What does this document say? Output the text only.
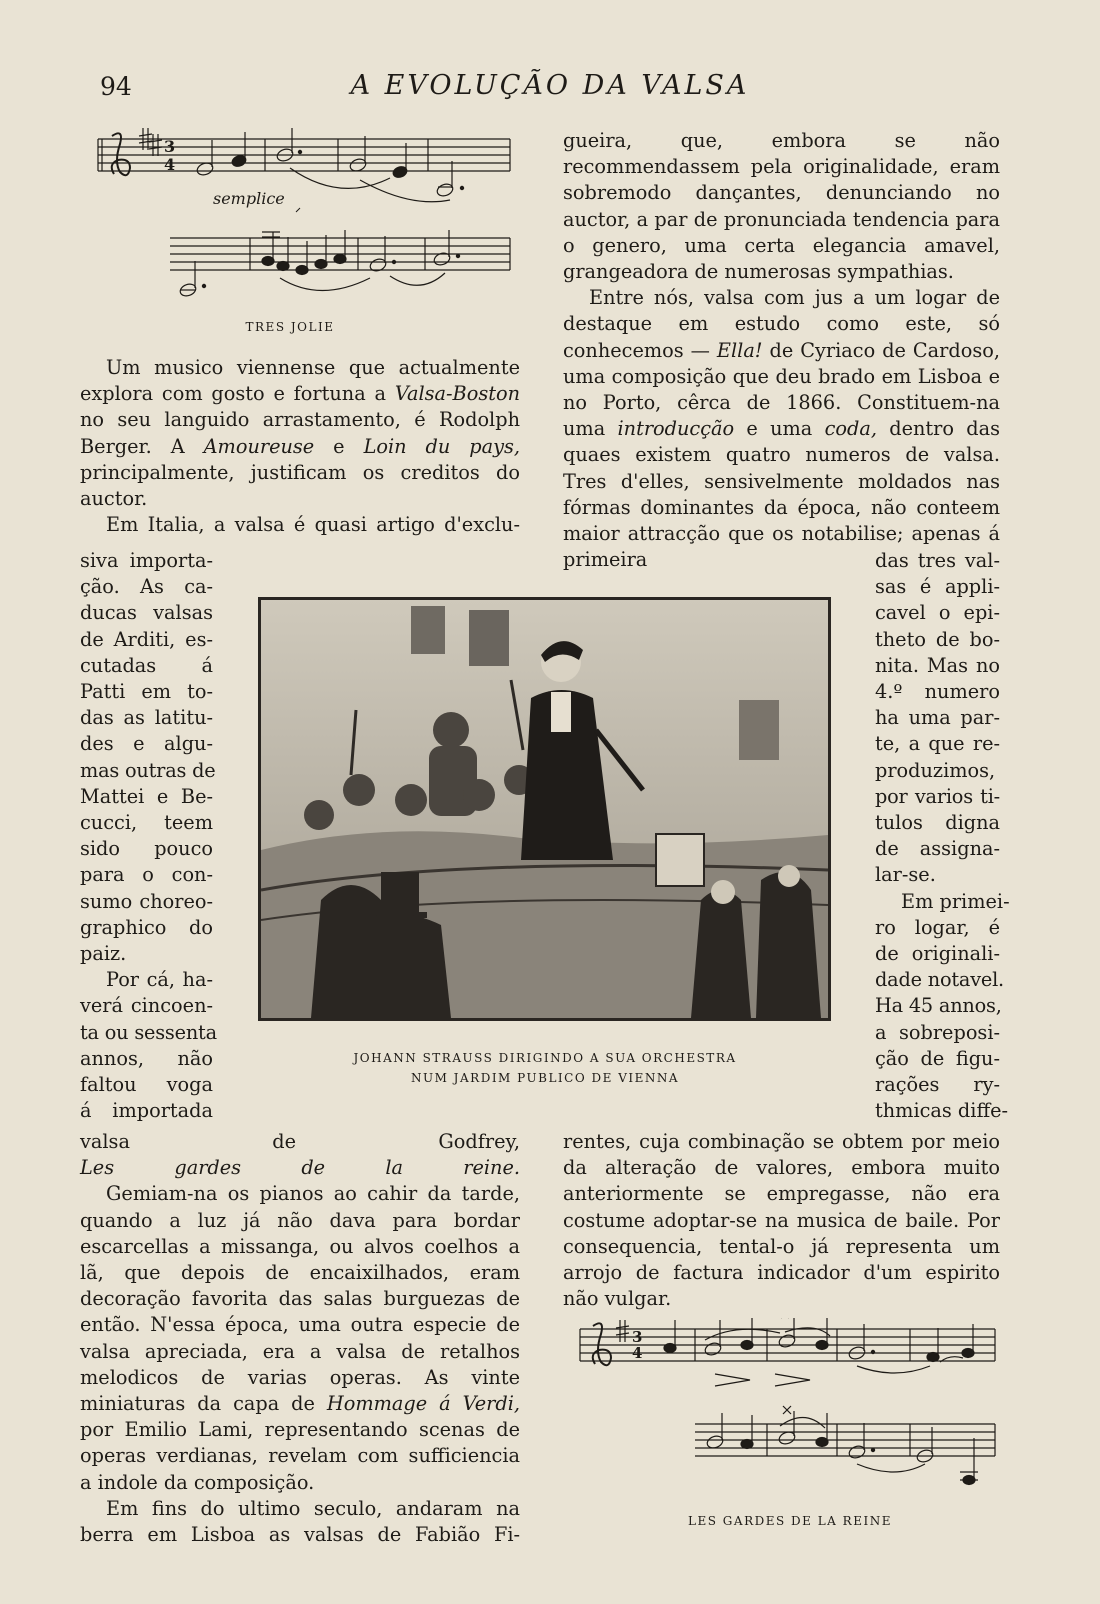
94	A EVOLUÇÃO DA VALSA
3
4
semplice
TRES JOLIE

Um musico viennense que actualmente explora com gosto e fortuna a Valsa-Boston no seu languido arrastamento, é Rodolph Berger. A Amoureuse e Loin du pays, principalmente, justificam os creditos do auctor.

Em Italia, a valsa é quasi artigo d'exclu-
siva importa-
ção. As ca-
ducas valsas
de Arditi, es-
cutadas á
Patti em to-
das as latitu-
des e algu-
mas outras de
Mattei e Be-
cucci, teem
sido pouco
para o con-
sumo choreo-
graphico do
paiz.
Por cá, ha-
verá cincoen-
ta ou sessenta
annos, não
faltou voga
á importada
valsa de Godfrey,
Les gardes de la reine.

Gemiam-na os pianos ao cahir da tarde, quando a luz já não dava para bordar escarcellas a missanga, ou alvos coelhos a lã, que depois de encaixilhados, eram decoração favorita das salas burguezas de então. N'essa época, uma outra especie de valsa apreciada, era a valsa de retalhos melodicos de varias operas. As vinte miniaturas da capa de Hommage á Verdi, por Emilio Lami, representando scenas de operas verdianas, revelam com sufficiencia a indole da composição.

Em fins do ultimo seculo, andaram na berra em Lisboa as valsas de Fabião Fi-

gueira, que, embora se não recommendassem pela originalidade, eram sobremodo dançantes, denunciando no auctor, a par de pronunciada tendencia para o genero, uma certa elegancia amavel, grangeadora de numerosas sympathias.

Entre nós, valsa com jus a um logar de destaque em estudo como este, só conhecemos — Ella! de Cyriaco de Cardoso, uma composição que deu brado em Lisboa e no Porto, cêrca de 1866. Constituem-na uma introducção e uma coda, dentro das quaes existem quatro numeros de valsa. Tres d'elles, sensivelmente moldados nas fórmas dominantes da época, não conteem maior attracção que os notabilise; apenas á primeira	das tres val-
sas é appli-
cavel o epi-
theto de bo-
nita. Mas no
4.º numero
ha uma par-
te, a que re-
produzimos,
por varios ti-
tulos digna
de assigna-
lar-se.
Em primei-
ro logar, é
de originali-
dade notavel.
Ha 45 annos,
a sobreposi-
ção de figu-
rações ry-
thmicas diffe-

rentes, cuja combinação se obtem por meio da alteração de valores, embora muito anteriormente se empregasse, não era costume adoptar-se na musica de baile. Por consequencia, tental-o já representa um arrojo de factura indicador d'um espirito não vulgar.

JOHANN STRAUSS DIRIGINDO A SUA ORCHESTRA
NUM JARDIM PUBLICO DE VIENNA
3
4
LES GARDES DE LA REINE
